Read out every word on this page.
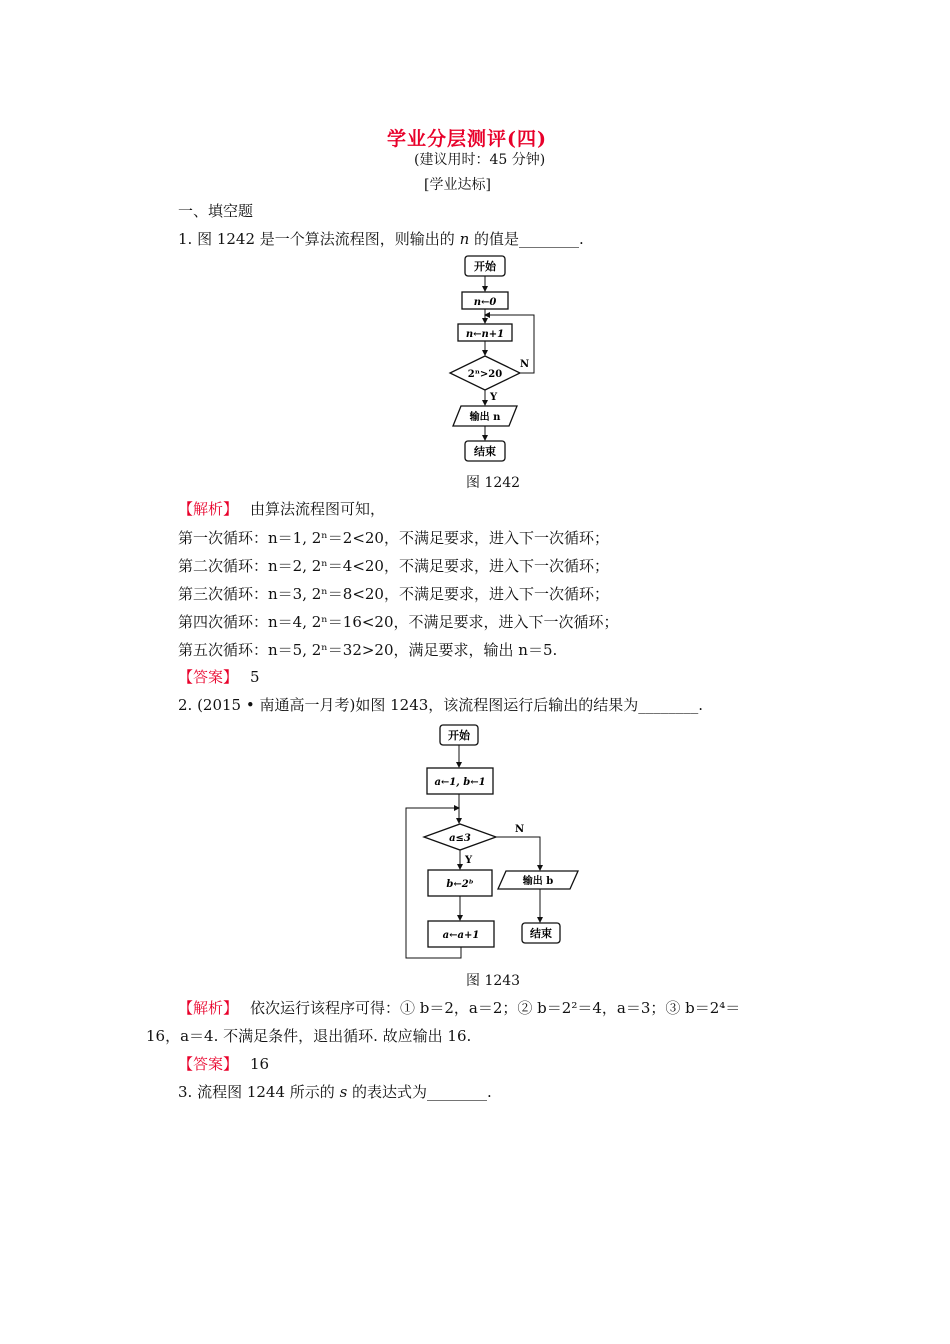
学业分层测评(四)
(建议用时：45 分钟)
[学业达标]
一、填空题
1. 图 1242 是一个算法流程图，则输出的 n 的值是________.
开始
n←0
n←n+1
2ⁿ>20
N
Y
输出 n
结束
图 1242
【解析】 由算法流程图可知，
第一次循环：n＝1, 2ⁿ＝2<20，不满足要求，进入下一次循环；
第二次循环：n＝2, 2ⁿ＝4<20，不满足要求，进入下一次循环；
第三次循环：n＝3, 2ⁿ＝8<20，不满足要求，进入下一次循环；
第四次循环：n＝4, 2ⁿ＝16<20，不满足要求，进入下一次循环；
第五次循环：n＝5, 2ⁿ＝32>20，满足要求，输出 n＝5.
【答案】 5
2. (2015 • 南通高一月考)如图 1243，该流程图运行后输出的结果为________.
开始
a←1, b←1
a≤3
N
Y
b←2ᵇ
a←a+1
输出 b
结束
图 1243
【解析】 依次运行该程序可得：① b＝2，a＝2；② b＝2²＝4，a＝3；③ b＝2⁴＝
16，a＝4. 不满足条件，退出循环. 故应输出 16.
【答案】 16
3. 流程图 1244 所示的 s 的表达式为________.
